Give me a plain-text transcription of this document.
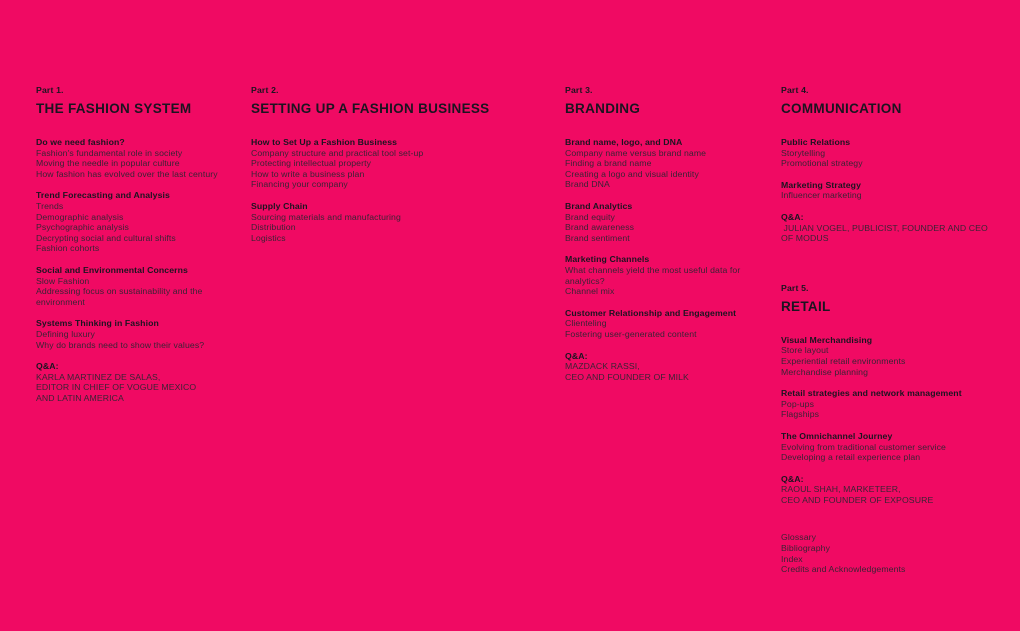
Part 1.
THE FASHION SYSTEM
Do we need fashion?
Fashion's fundamental role in society
Moving the needle in popular culture
How fashion has evolved over the last century
Trend Forecasting and Analysis
Trends
Demographic analysis
Psychographic analysis
Decrypting social and cultural shifts
Fashion cohorts
Social and Environmental Concerns
Slow Fashion
Addressing focus on sustainability and the
environment
Systems Thinking in Fashion
Defining luxury
Why do brands need to show their values?
Q&A:
KARLA MARTINEZ DE SALAS,
EDITOR IN CHIEF OF VOGUE MEXICO
AND LATIN AMERICA
Part 2.
SETTING UP A FASHION BUSINESS
How to Set Up a Fashion Business
Company structure and practical tool set-up
Protecting intellectual property
How to write a business plan
Financing your company
Supply Chain
Sourcing materials and manufacturing
Distribution
Logistics
Part 3.
BRANDING
Brand name, logo, and DNA
Company name versus brand name
Finding a brand name
Creating a logo and visual identity
Brand DNA
Brand Analytics
Brand equity
Brand awareness
Brand sentiment
Marketing Channels
What channels yield the most useful data for
analytics?
Channel mix
Customer Relationship and Engagement
Clienteling
Fostering user-generated content
Q&A:
MAZDACK RASSI,
CEO AND FOUNDER OF MILK
Part 4.
COMMUNICATION
Public Relations
Storytelling
Promotional strategy
Marketing Strategy
Influencer marketing
Q&A:
JULIAN VOGEL, PUBLICIST, FOUNDER AND CEO
OF MODUS
Part 5.
RETAIL
Visual Merchandising
Store layout
Experiential retail environments
Merchandise planning
Retail strategies and network management
Pop-ups
Flagships
The Omnichannel Journey
Evolving from traditional customer service
Developing a retail experience plan
Q&A:
RAOUL SHAH, MARKETEER,
CEO AND FOUNDER OF EXPOSURE
Glossary
Bibliography
Index
Credits and Acknowledgements
